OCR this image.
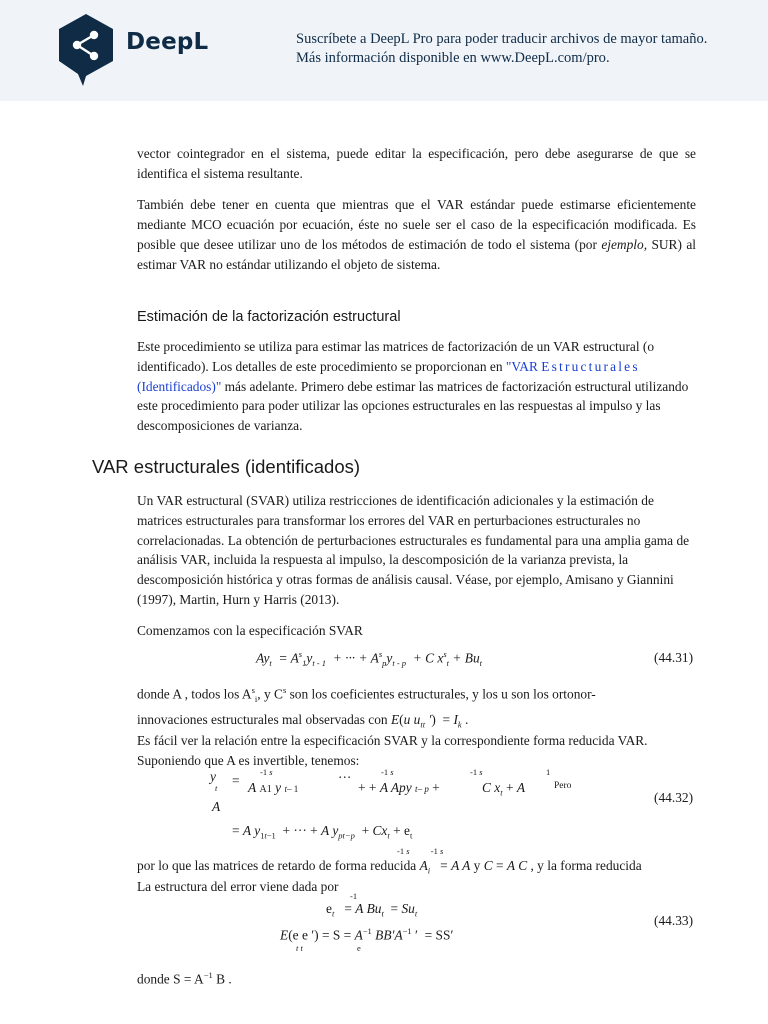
DeepL	Suscríbete a DeepL Pro para poder traducir archivos de mayor tamaño.
Más información disponible en www.DeepL.com/pro.

vector cointegrador en el sistema, puede editar la especificación, pero debe asegurarse de que se identifica el sistema resultante.

También debe tener en cuenta que mientras que el VAR estándar puede estimarse eficientemente mediante MCO ecuación por ecuación, éste no suele ser el caso de la especificación modificada. Es posible que desee utilizar uno de los métodos de estimación de todo el sistema (por ejemplo, SUR) al estimar VAR no estándar utilizando el objeto de sistema.

Estimación de la factorización estructural

Este procedimiento se utiliza para estimar las matrices de factorización de un VAR estructural (o identificado). Los detalles de este procedimiento se proporcionan en "VAR Estructurales (Identificados)" más adelante. Primero debe estimar las matrices de factorización estructural utilizando este procedimiento para poder utilizar las opciones estructurales en las respuestas al impulso y las descomposiciones de varianza.

VAR estructurales (identificados)

Un VAR estructural (SVAR) utiliza restricciones de identificación adicionales y la estimación de matrices estructurales para transformar los errores del VAR en perturbaciones estructurales no correlacionadas. La obtención de perturbaciones estructurales es fundamental para una amplia gama de análisis VAR, incluida la respuesta al impulso, la descomposición de la varianza prevista, la descomposición histórica y otras formas de análisis causal. Véase, por ejemplo, Amisano y Giannini (1997), Martin, Hurn y Harris (2013).

Comenzamos con la especificación SVAR

$Ay_t = A^s_1y_{t - 1}$  + ··· + $A^s_py_{t - p} + C$ $x^s_t + Bu_t$	(44.31)

donde A , todos los $A^s_i$, y $C^s$ son los coeficientes estructurales, y los u son los ortonor-

innovaciones estructurales mal observadas con E(u $u_{tt}$ ′)  = $I_k$ .

Es fácil ver la relación entre la especificación SVAR y la correspondiente forma reducida VAR. Suponiendo que A es invertible, tenemos:

y
t =
-1 s
A A1 y t– 1
···	-1 s
+ + A Apy t– p +
-1 s
C $x_t + A$
1
Pero
A
= A $y_{1t-1}$  + ··· + A $y_{pt-p} + Cx_t + e_t$
(44.32)

por lo que las matrices de retardo de forma reducida $A_i = A$ A y C = A C , y la forma reducida

La estructura del error viene dada por

-1 s          -1 s
-1
$e_t = A$ $Bu_t = Su_t$
E(e e ′) = $S = A^{-1}$ $BB'A^{-1}$ ′  = SS′
t t	e
(44.33)

donde $S = A^{-1}$ B .
